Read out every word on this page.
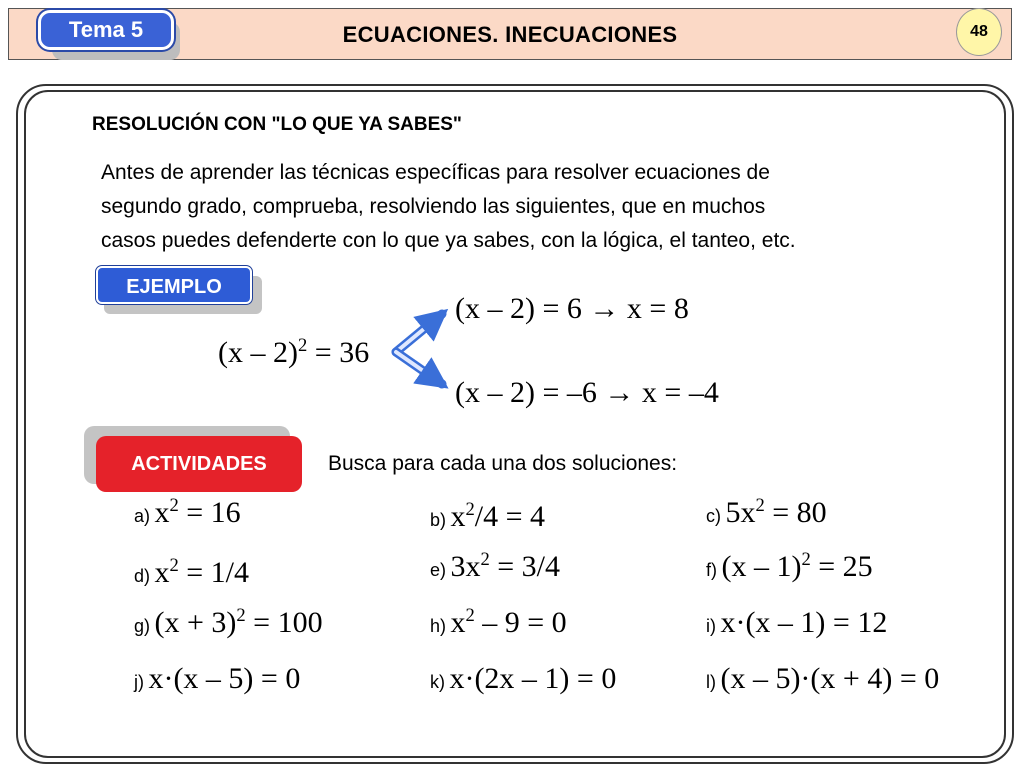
Tema 5	ECUACIONES. INECUACIONES	48
RESOLUCIÓN CON "LO QUE YA SABES"
Antes de aprender las técnicas específicas para resolver ecuaciones de
segundo grado, comprueba, resolviendo las siguientes, que en muchos
casos puedes defenderte con lo que ya sabes, con la lógica, el tanteo, etc.
EJEMPLO
(x – 2)$^2$ = 36
(x – 2) = 6 → x = 8
(x – 2) = –6 → x = –4
ACTIVIDADES	Busca para cada una dos soluciones:
a) $x^2 = 16$	b) $x^2/4 = 4$	c) $5x^2 = 80$
d) $x^2 = 1/4$	e) $3x^2 = 3/4$	f) (x – 1)$^2$ = 25
g) $(x + 3)^2 = 100$	h) $x^2 - 9 = 0$	i) x·(x – 1) = 12
j) x·(x – 5) = 0	k) x·(2x – 1) = 0	l) (x – 5)·(x + 4) = 0
